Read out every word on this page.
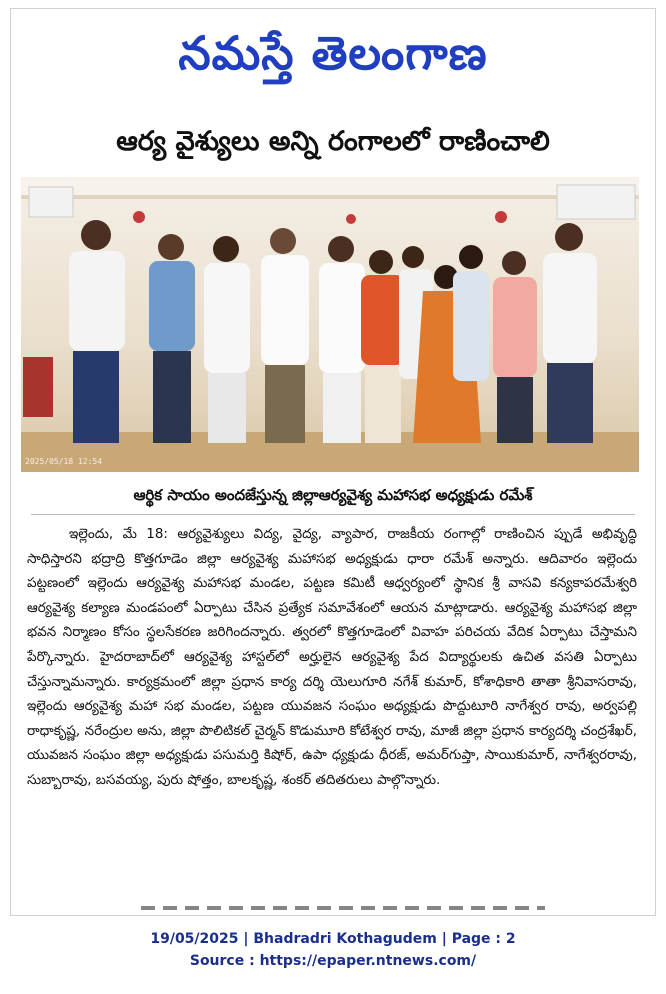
నమస్తే తెలంగాణ
ఆర్య వైశ్యులు అన్ని రంగాలలో రాణించాలి
2025/05/18 12:54
ఆర్థిక సాయం అందజేస్తున్న జిల్లాఆర్యవైశ్య మహాసభ అధ్యక్షుడు రమేశ్
ఇల్లెందు, మే 18: ఆర్యవైశ్యులు విద్య, వైద్య, వ్యాపార, రాజకీయ రంగాల్లో రాణించిన ప్పుడే అభివృద్ధి సాధిస్తారని భద్రాద్రి కొత్తగూడెం జిల్లా ఆర్యవైశ్య మహాసభ అధ్యక్షుడు ధారా రమేశ్ అన్నారు. ఆదివారం ఇల్లెందు పట్టణంలో ఇల్లెందు ఆర్యవైశ్య మహాసభ మండల, పట్టణ కమిటీ ఆధ్వర్యంలో స్థానిక శ్రీ వాసవి కన్యకాపరమేశ్వరి ఆర్యవైశ్య కల్యాణ మండపంలో ఏర్పాటు చేసిన ప్రత్యేక సమావేశంలో ఆయన మాట్లాడారు. ఆర్యవైశ్య మహాసభ జిల్లా భవన నిర్మాణం కోసం స్థలసేకరణ జరిగిందన్నారు. త్వరలో కొత్తగూడెంలో వివాహ పరిచయ వేదిక ఏర్పాటు చేస్తామని పేర్కొన్నారు. హైదరాబాద్‌లో ఆర్యవైశ్య హాస్టల్‌లో అర్హులైన ఆర్యవైశ్య పేద విద్యార్థులకు ఉచిత వసతి ఏర్పాటు చేస్తున్నామన్నారు. కార్యక్రమంలో జిల్లా ప్రధాన కార్య దర్శి యెలుగూరి నగేశ్ కుమార్, కోశాధికారి తాతా శ్రీనివాసరావు, ఇల్లెందు ఆర్యవైశ్య మహా సభ మండల, పట్టణ యువజన సంఘం అధ్యక్షుడు పొద్దుటూరి నాగేశ్వర రావు, అర్వపల్లి రాధాకృష్ణ, నరేంద్రుల అను, జిల్లా పొలిటికల్ చైర్మన్ కొడుమూరి కోటేశ్వర రావు, మాజీ జిల్లా ప్రధాన కార్యదర్శి చంద్రశేఖర్, యువజన సంఘం జిల్లా అధ్యక్షుడు పసుమర్తి కిషోర్, ఉపా ధ్యక్షుడు ధీరజ్, అమర్‌గుప్తా, సాయికుమార్, నాగేశ్వరరావు, సుబ్బారావు, బసవయ్య, పురు షోత్తం, బాలకృష్ణ, శంకర్ తదితరులు పాల్గొన్నారు.
19/05/2025 | Bhadradri Kothagudem | Page : 2
Source : https://epaper.ntnews.com/
